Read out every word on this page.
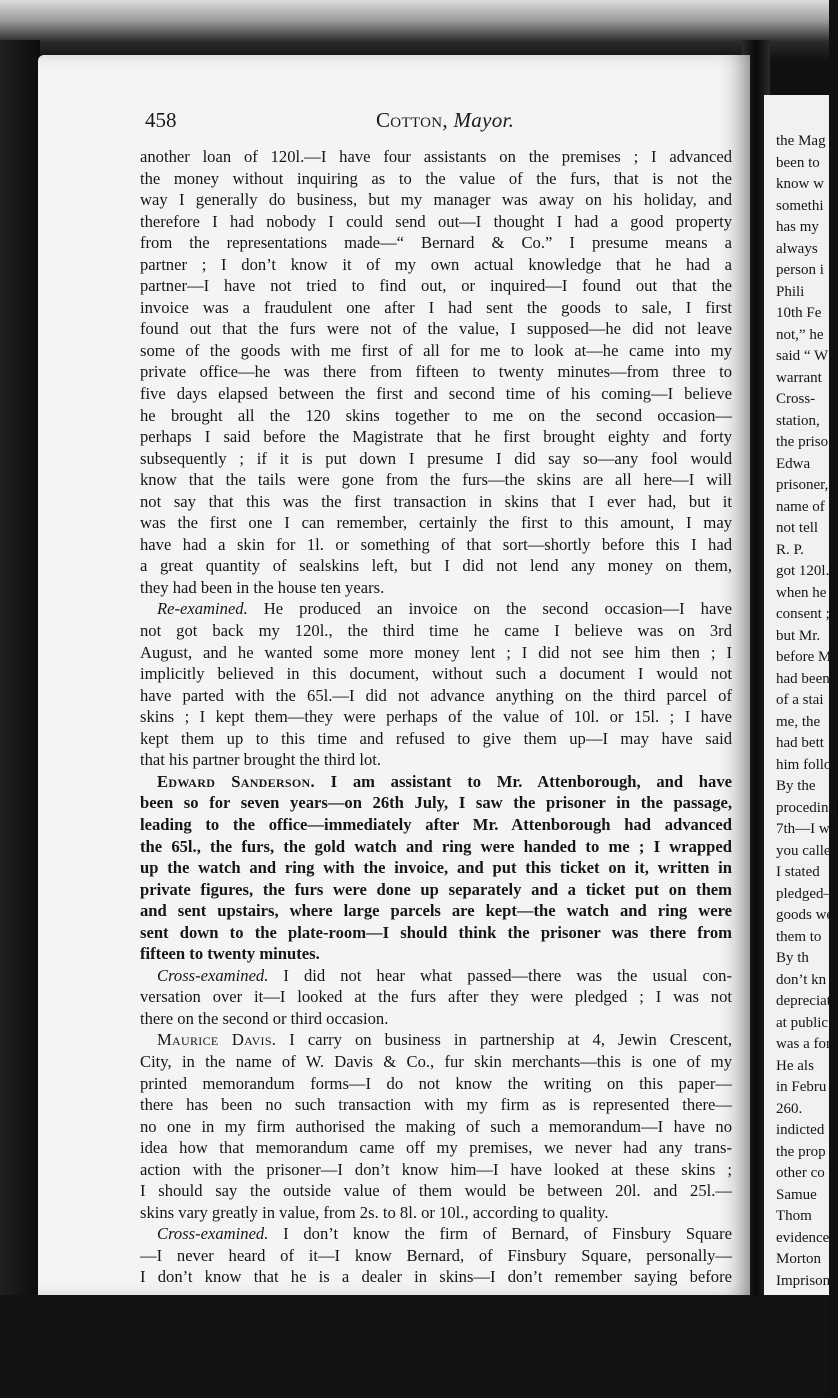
the Mag
been to
know w
somethi
has my
always
person i
Phili
10th Fe
not,” he
said “ W
warrant
Cross-
station,
the priso
Edwa
prisoner,
name of
not tell
R. P.
got 120l.
when he
consent ;
but Mr.
before M
had been
of a stai
me, the
had bett
him follo
By the
proceding
7th—I w
you calle
I stated
pledged—
goods we
them to
By th
don’t kn
depreciat
at public
was a for
He als
in Febru
260.
indicted
the prop
other co
Samue
Thom
evidence
Morton
Imprison
458	Cotton, Mayor.
another loan of 120l.—I have four assistants on the premises ; I advanced
the money without inquiring as to the value of the furs, that is not the
way I generally do business, but my manager was away on his holiday, and
therefore I had nobody I could send out—I thought I had a good property
from the representations made—“ Bernard & Co.” I presume means a
partner ; I don’t know it of my own actual knowledge that he had a
partner—I have not tried to find out, or inquired—I found out that the
invoice was a fraudulent one after I had sent the goods to sale, I first
found out that the furs were not of the value, I supposed—he did not leave
some of the goods with me first of all for me to look at—he came into my
private office—he was there from fifteen to twenty minutes—from three to
five days elapsed between the first and second time of his coming—I believe
he brought all the 120 skins together to me on the second occasion—
perhaps I said before the Magistrate that he first brought eighty and forty
subsequently ; if it is put down I presume I did say so—any fool would
know that the tails were gone from the furs—the skins are all here—I will
not say that this was the first transaction in skins that I ever had, but it
was the first one I can remember, certainly the first to this amount, I may
have had a skin for 1l. or something of that sort—shortly before this I had
a great quantity of sealskins left, but I did not lend any money on them,
they had been in the house ten years.
Re-examined. He produced an invoice on the second occasion—I have
not got back my 120l., the third time he came I believe was on 3rd
August, and he wanted some more money lent ; I did not see him then ; I
implicitly believed in this document, without such a document I would not
have parted with the 65l.—I did not advance anything on the third parcel of
skins ; I kept them—they were perhaps of the value of 10l. or 15l. ; I have
kept them up to this time and refused to give them up—I may have said
that his partner brought the third lot.
Edward Sanderson. I am assistant to Mr. Attenborough, and have
been so for seven years—on 26th July, I saw the prisoner in the passage,
leading to the office—immediately after Mr. Attenborough had advanced
the 65l., the furs, the gold watch and ring were handed to me ; I wrapped
up the watch and ring with the invoice, and put this ticket on it, written in
private figures, the furs were done up separately and a ticket put on them
and sent upstairs, where large parcels are kept—the watch and ring were
sent down to the plate-room—I should think the prisoner was there from
fifteen to twenty minutes.
Cross-examined. I did not hear what passed—there was the usual con-
versation over it—I looked at the furs after they were pledged ; I was not
there on the second or third occasion.
Maurice Davis. I carry on business in partnership at 4, Jewin Crescent,
City, in the name of W. Davis & Co., fur skin merchants—this is one of my
printed memorandum forms—I do not know the writing on this paper—
there has been no such transaction with my firm as is represented there—
no one in my firm authorised the making of such a memorandum—I have no
idea how that memorandum came off my premises, we never had any trans-
action with the prisoner—I don’t know him—I have looked at these skins ;
I should say the outside value of them would be between 20l. and 25l.—
skins vary greatly in value, from 2s. to 8l. or 10l., according to quality.
Cross-examined. I don’t know the firm of Bernard, of Finsbury Square
—I never heard of it—I know Bernard, of Finsbury Square, personally—
I don’t know that he is a dealer in skins—I don’t remember saying before
